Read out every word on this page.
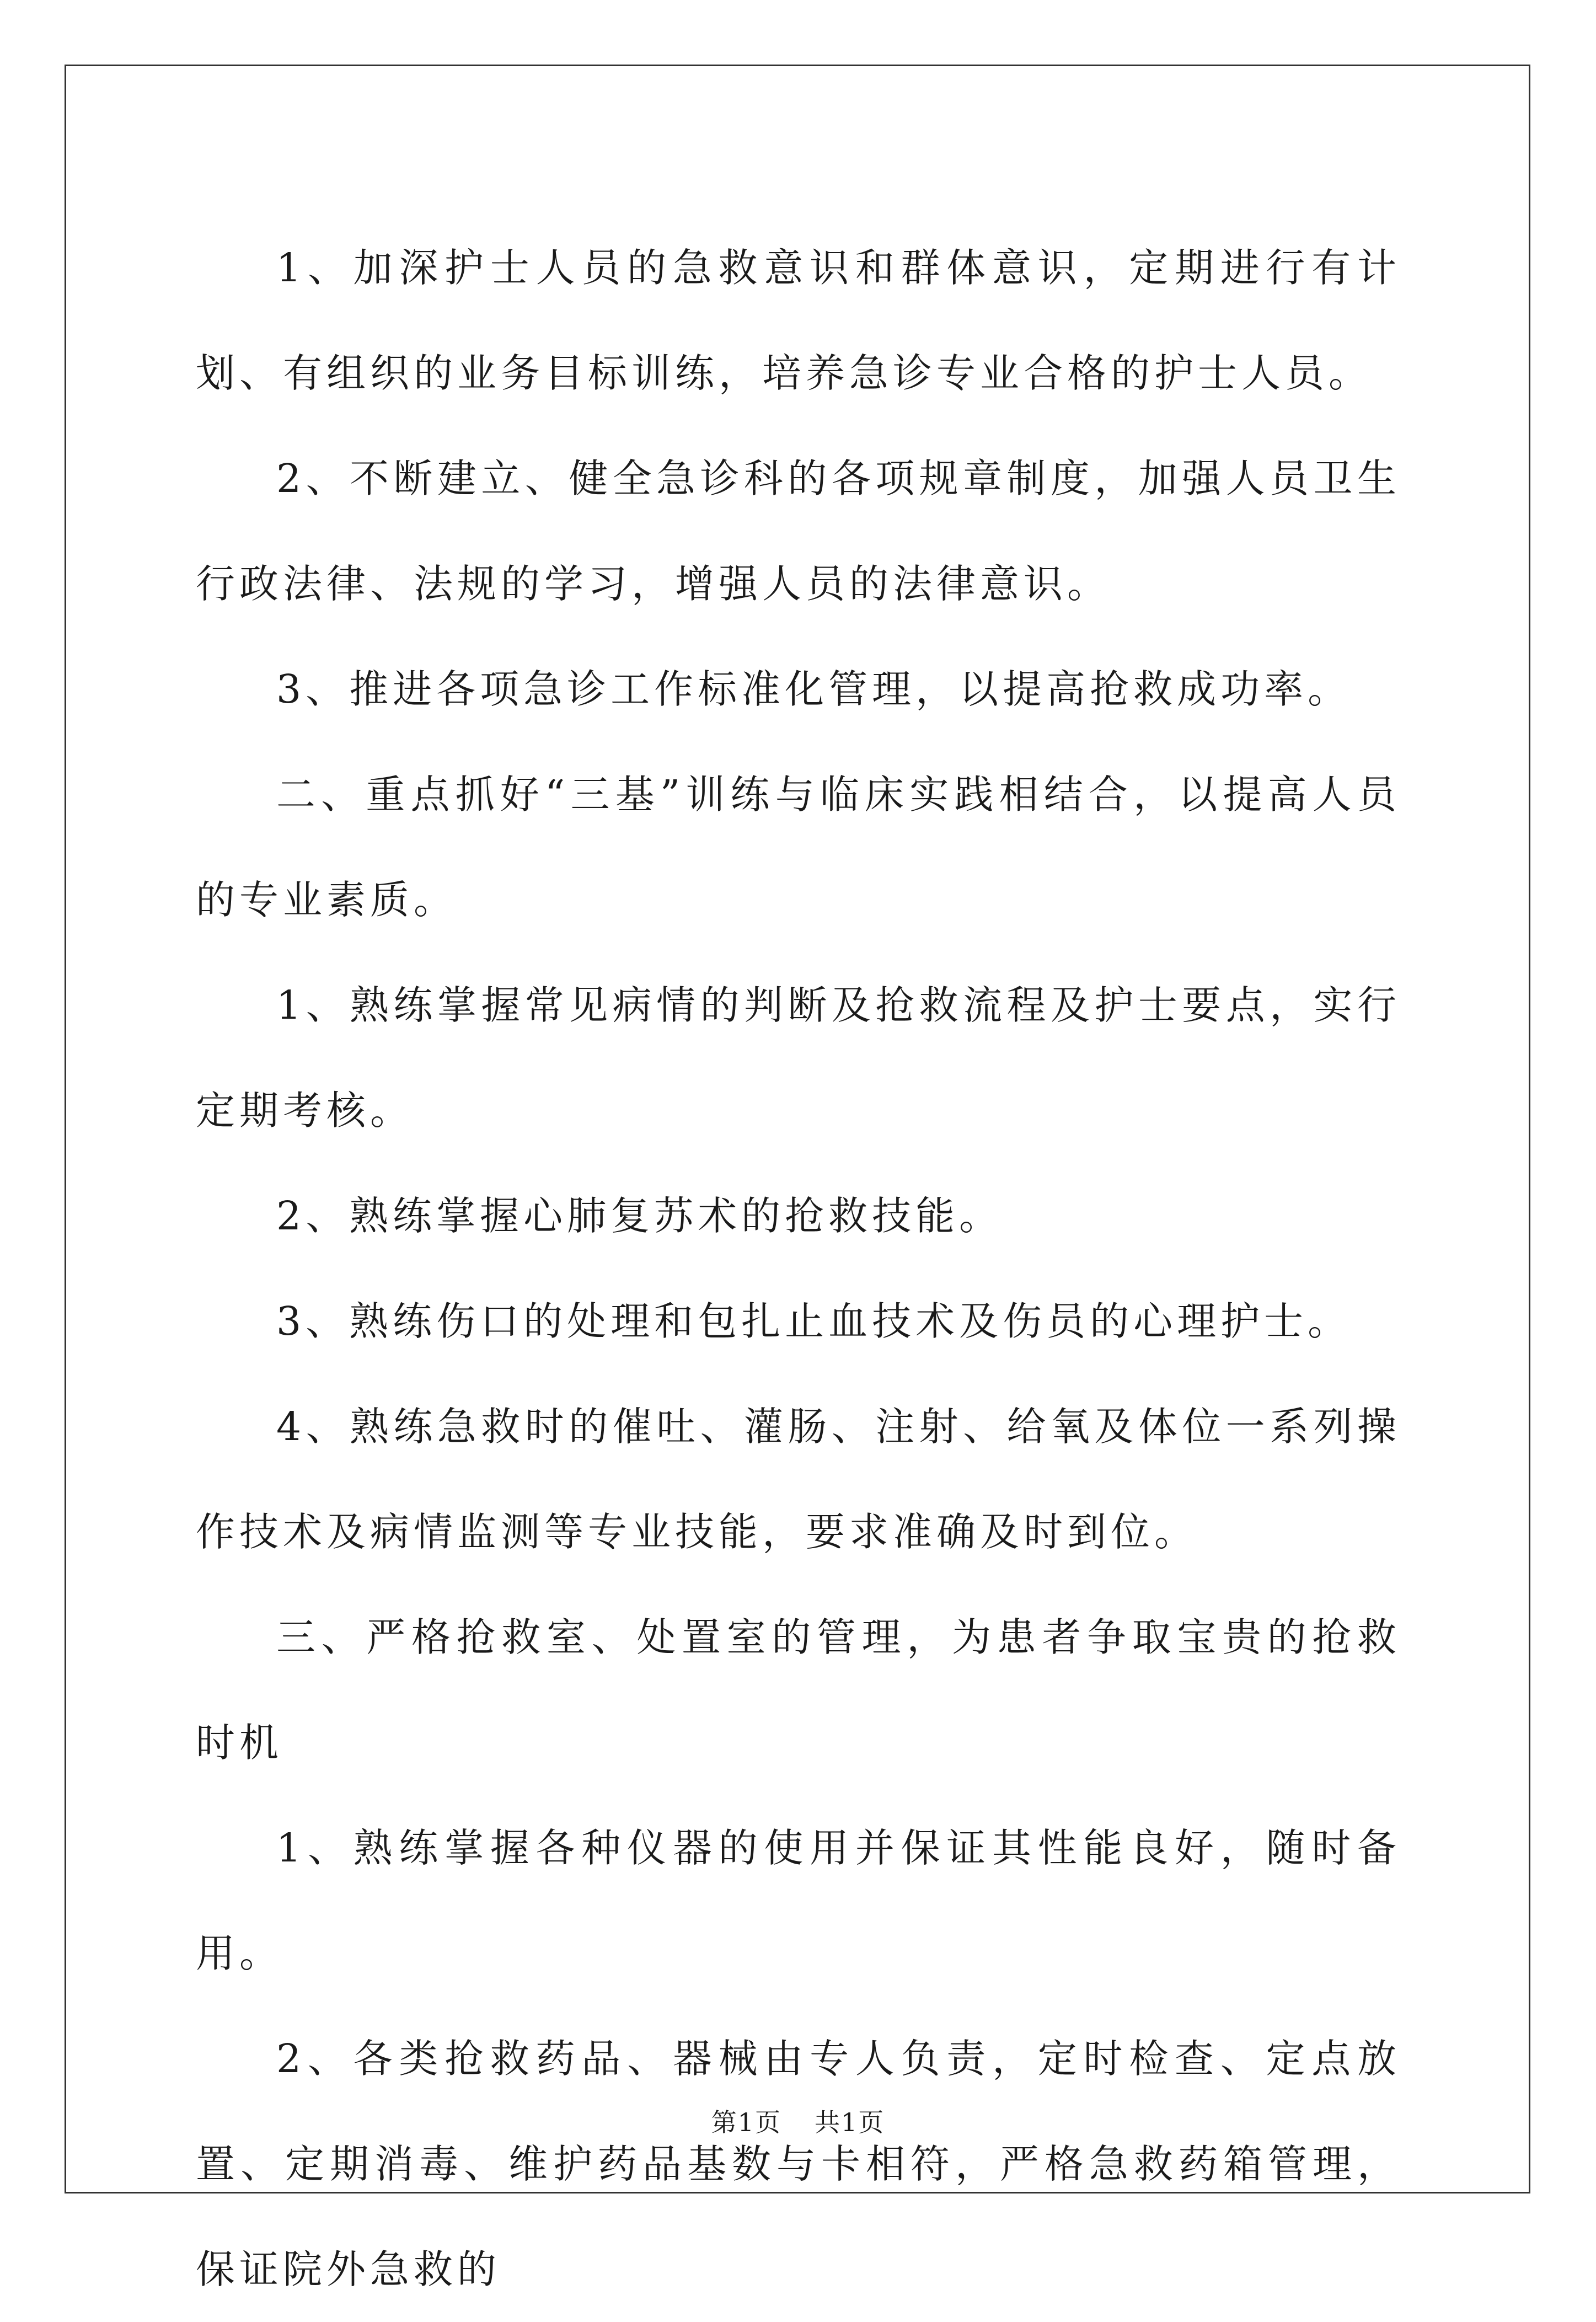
1、加深护士人员的急救意识和群体意识，定期进行有计划、有组织的业务目标训练，培养急诊专业合格的护士人员。

2、不断建立、健全急诊科的各项规章制度，加强人员卫生行政法律、法规的学习，增强人员的法律意识。

3、推进各项急诊工作标准化管理，以提高抢救成功率。

二、重点抓好“三基”训练与临床实践相结合，以提高人员的专业素质。

1、熟练掌握常见病情的判断及抢救流程及护士要点，实行定期考核。

2、熟练掌握心肺复苏术的抢救技能。

3、熟练伤口的处理和包扎止血技术及伤员的心理护士。

4、熟练急救时的催吐、灌肠、注射、给氧及体位一系列操作技术及病情监测等专业技能，要求准确及时到位。

三、严格抢救室、处置室的管理，为患者争取宝贵的抢救时机

1、熟练掌握各种仪器的使用并保证其性能良好，随时备用。

2、各类抢救药品、器械由专人负责，定时检查、定点放置、定期消毒、维护药品基数与卡相符，严格急救药箱管理，保证院外急救的

第1页 共1页
